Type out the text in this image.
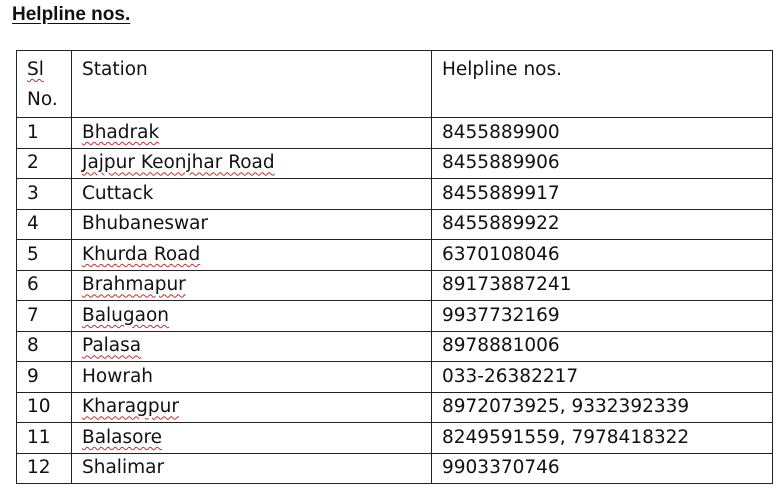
Helpline nos.
Sl
No.	Station	Helpline nos.
1	Bhadrak	8455889900
2	Jajpur Keonjhar Road	8455889906
3	Cuttack	8455889917
4	Bhubaneswar	8455889922
5	Khurda Road	6370108046
6	Brahmapur	89173887241
7	Balugaon	9937732169
8	Palasa	8978881006
9	Howrah	033-26382217
10	Kharagpur	8972073925, 9332392339
11	Balasore	8249591559, 7978418322
12	Shalimar	9903370746
